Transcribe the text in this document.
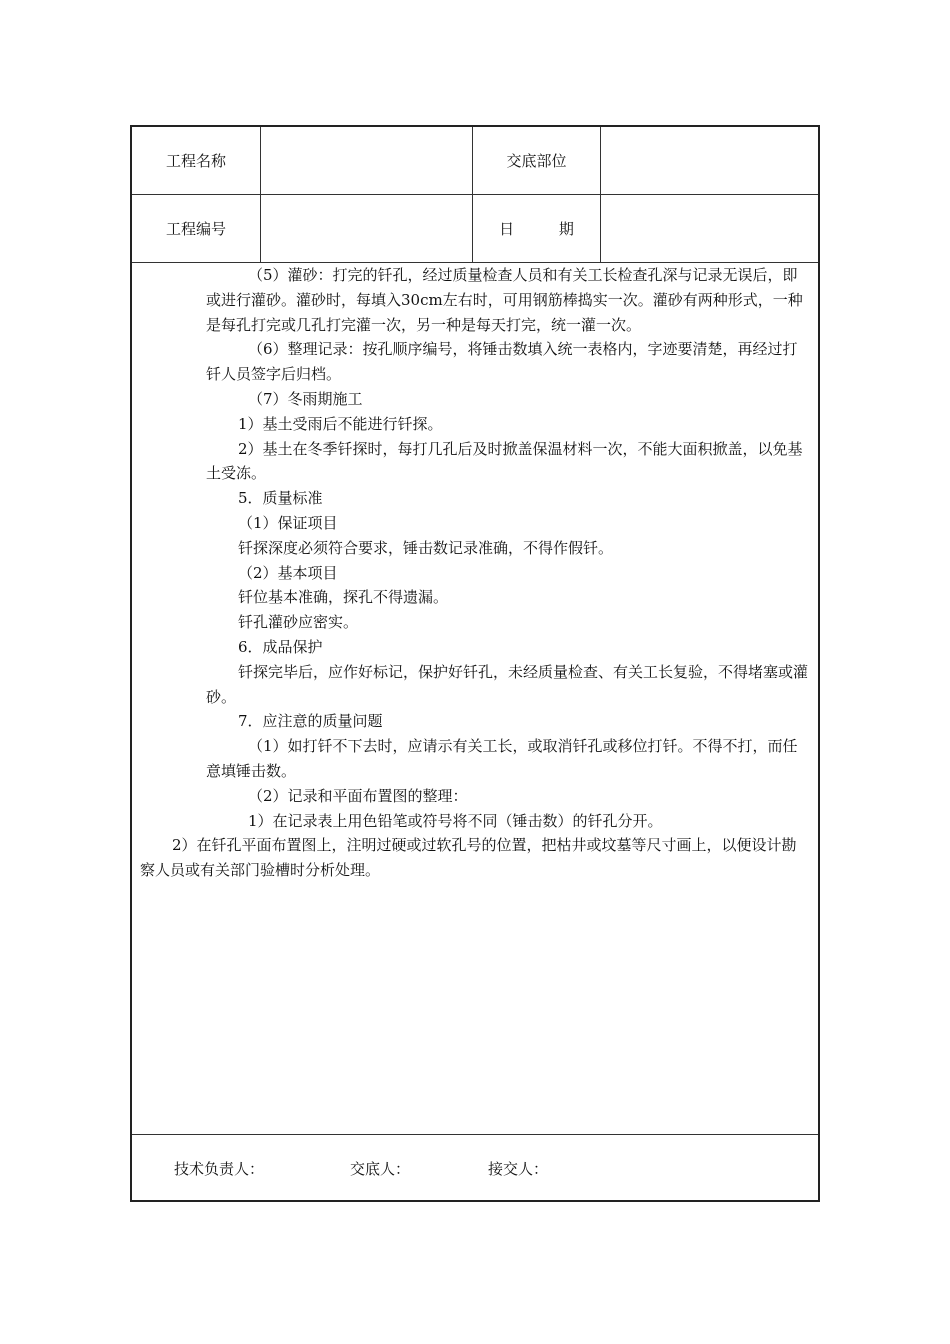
工程名称	交底部位
工程编号	日 期

（5）灌砂：打完的钎孔，经过质量检查人员和有关工长检查孔深与记录无误后，即或进行灌砂。灌砂时，每填入30cm左右时，可用钢筋棒捣实一次。灌砂有两种形式，一种是每孔打完或几孔打完灌一次，另一种是每天打完，统一灌一次。

（6）整理记录：按孔顺序编号，将锤击数填入统一表格内，字迹要清楚，再经过打钎人员签字后归档。

（7）冬雨期施工

1）基土受雨后不能进行钎探。

2）基土在冬季钎探时，每打几孔后及时掀盖保温材料一次，不能大面积掀盖，以免基土受冻。

5．质量标准

（1）保证项目

钎探深度必须符合要求，锤击数记录准确，不得作假钎。

（2）基本项目

钎位基本准确，探孔不得遗漏。

钎孔灌砂应密实。

6．成品保护

钎探完毕后，应作好标记，保护好钎孔，未经质量检查、有关工长复验，不得堵塞或灌砂。

7．应注意的质量问题

（1）如打钎不下去时，应请示有关工长，或取消钎孔或移位打钎。不得不打，而任意填锤击数。

（2）记录和平面布置图的整理：

1）在记录表上用色铅笔或符号将不同（锤击数）的钎孔分开。

2）在钎孔平面布置图上，注明过硬或过软孔号的位置，把枯井或坟墓等尺寸画上，以便设计勘察人员或有关部门验槽时分析处理。

技术负责人：	交底人：	接交人：
